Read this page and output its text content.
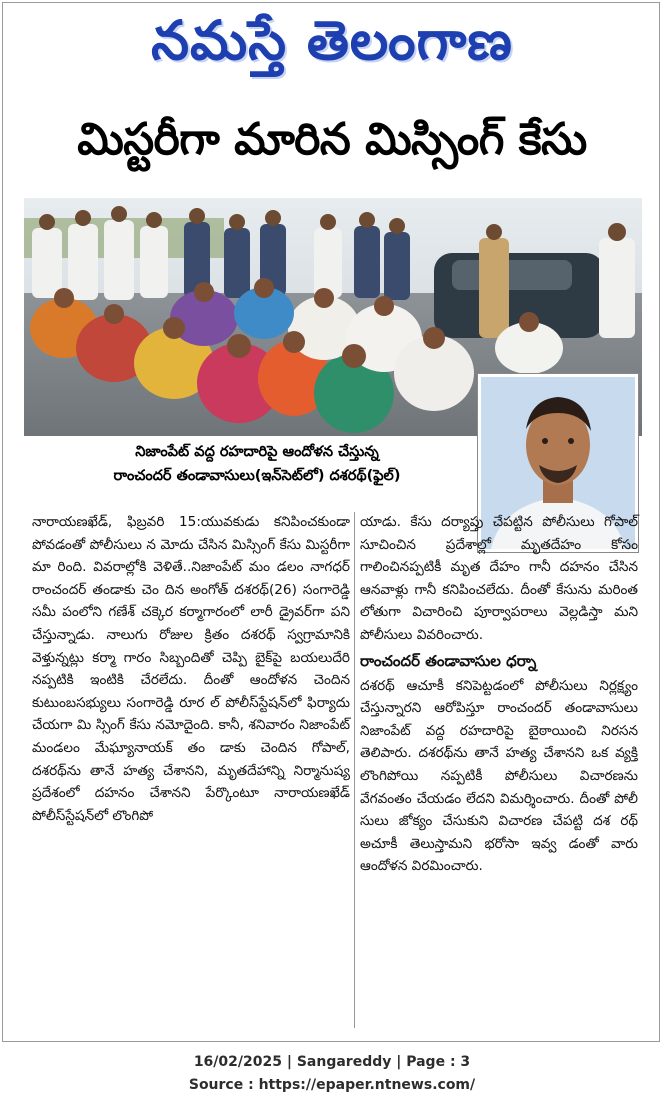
నమస్తే తెలంగాణ
మిస్టరీగా మారిన మిస్సింగ్ కేసు
నిజాంపేట్ వద్ద రహదారిపై ఆందోళన చేస్తున్న
రాంచందర్ తండావాసులు(ఇన్‌సెట్‌లో) దశరథ్(ఫైల్)

నారాయణఖేడ్, ఫిబ్రవరి 15:యువకుడు కనిపించకుండా పోవడంతో పోలీసులు న మోదు చేసిన మిస్సింగ్ కేసు మిస్టరీగా మా రింది. వివరాల్లోకి వెళితే..నిజాంపేట్ మం డలం నాగధర్ రాంచందర్ తండాకు చెం దిన అంగోత్ దశరథ్(26) సంగారెడ్డి సమీ పంలోని గణేశ్ చక్కెర కర్మాగారంలో లారీ డ్రైవర్‌గా పని చేస్తున్నాడు. నాలుగు రోజుల క్రితం దశరథ్ స్వగ్రామానికి వెళ్తున్నట్లు కర్మా గారం సిబ్బందితో చెప్పి బైక్‌పై బయలుదేరి నప్పటికి ఇంటికి చేరలేదు. దీంతో ఆందోళన చెందిన కుటుంబసభ్యులు సంగారెడ్డి రూర ల్ పోలీస్‌స్టేషన్‌లో ఫిర్యాదు చేయగా మి స్సింగ్ కేసు నమోదైంది. కానీ, శనివారం నిజాంపేట్ మండలం మేఘ్యానాయక్ తం డాకు చెందిన గోపాల్, దశరథ్‌ను తానే హత్య చేశానని, మృతదేహాన్ని నిర్మానుష్య ప్రదేశంలో దహనం చేశానని పేర్కొంటూ నారాయణఖేడ్ పోలీస్‌స్టేషన్‌లో లొంగిపో

యాడు. కేసు దర్యాప్తు చేపట్టిన పోలీసులు గోపాల్ సూచించిన ప్రదేశాల్లో మృతదేహం కోసం గాలించినప్పటికీ మృత దేహం గానీ దహనం చేసిన ఆనవాళ్లు గానీ కనిపించలేదు. దీంతో కేసును మరింత లోతుగా విచారించి పూర్వాపరాలు వెల్లడిస్తా మని పోలీసులు వివరించారు.

రాంచందర్ తండావాసుల ధర్నా

దశరథ్ ఆచూకీ కనిపెట్టడంలో పోలీసులు నిర్లక్ష్యం చేస్తున్నారని ఆరోపిస్తూ రాంచందర్ తండావాసులు నిజాంపేట్ వద్ద రహదారిపై బైఠాయించి నిరసన తెలిపారు. దశరథ్‌ను తానే హత్య చేశానని ఒక వ్యక్తి లొంగిపోయి నప్పటికీ పోలీసులు విచారణను వేగవంతం చేయడం లేదని విమర్శించారు. దీంతో పోలీ సులు జోక్యం చేసుకుని విచారణ చేపట్టి దశ రథ్ అచూకీ తెలుస్తామని భరోసా ఇవ్వ డంతో వారు ఆందోళన విరమించారు.

16/02/2025 | Sangareddy | Page : 3
Source : https://epaper.ntnews.com/
